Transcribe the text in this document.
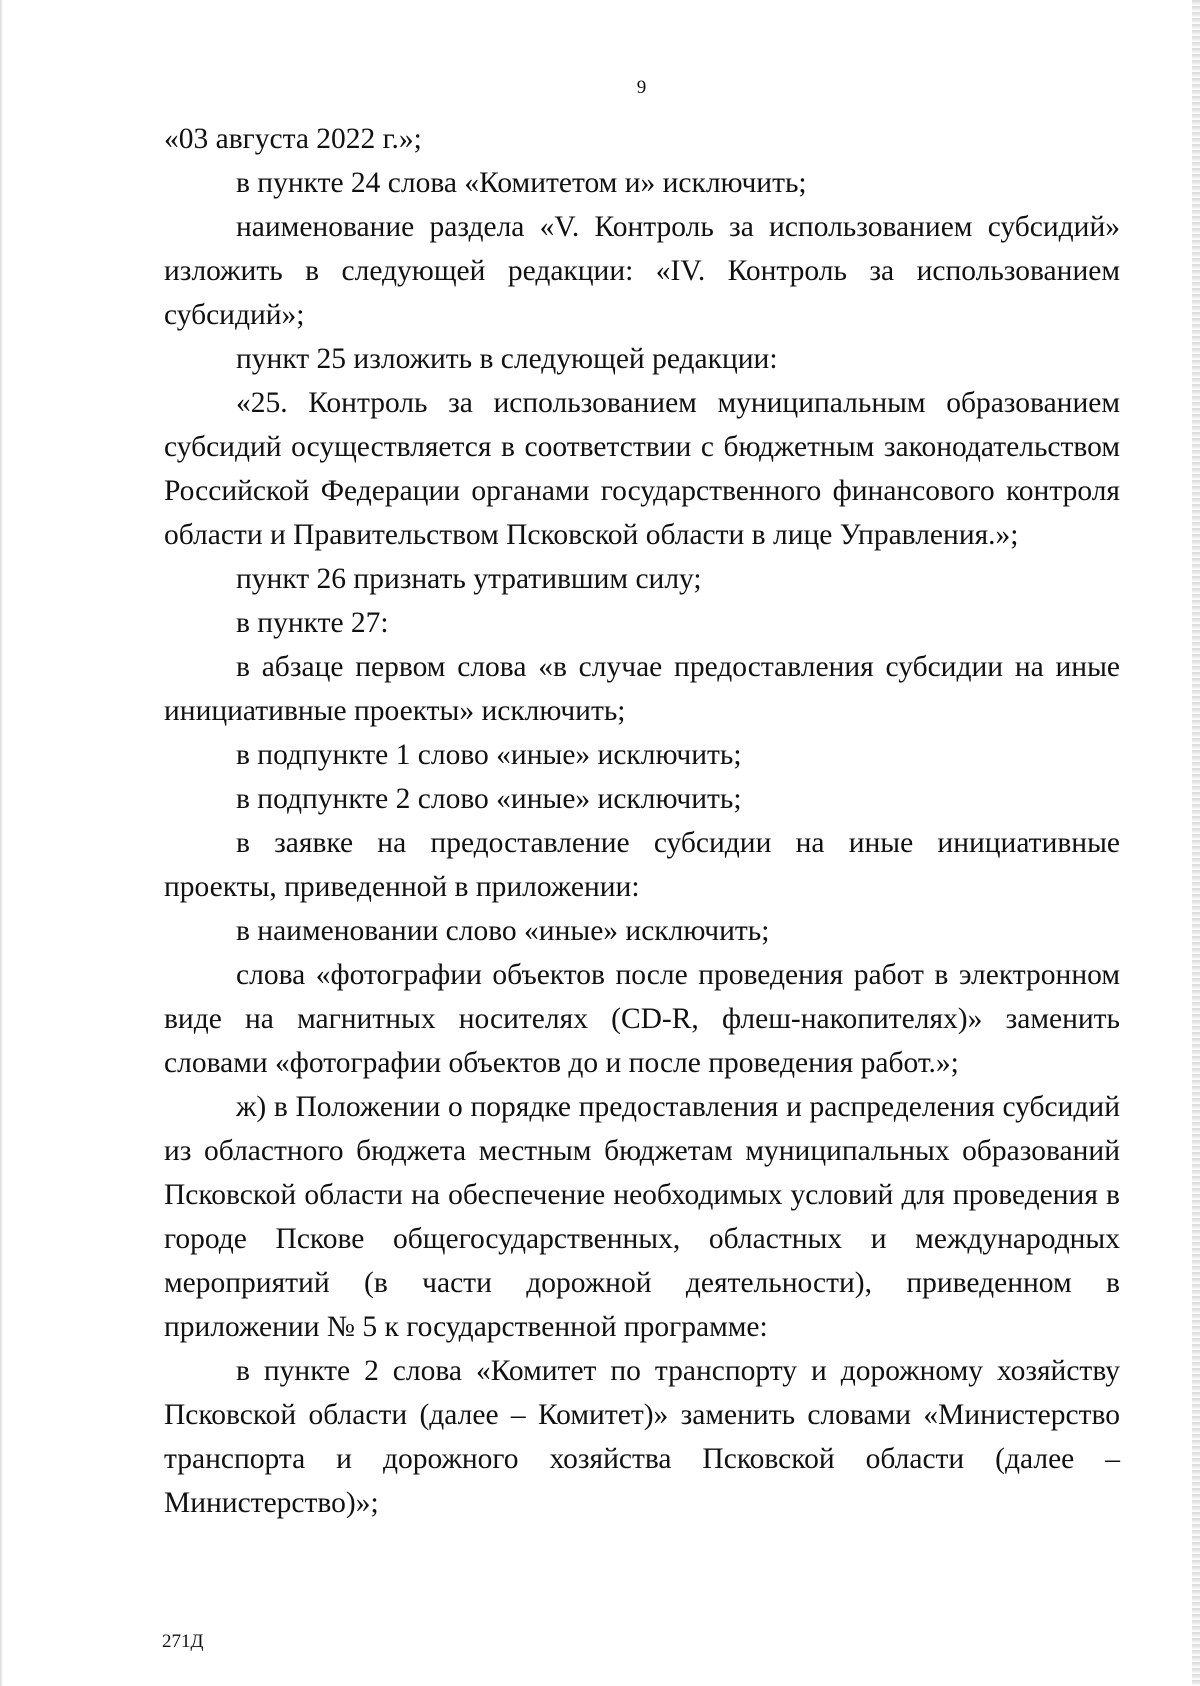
9

«03 августа 2022 г.»;

в пункте 24 слова «Комитетом и» исключить;

наименование раздела «V. Контроль за использованием субсидий» изложить в следующей редакции: «IV. Контроль за использованием субсидий»;

пункт 25 изложить в следующей редакции:

«25. Контроль за использованием муниципальным образованием субсидий осуществляется в соответствии с бюджетным законодательством Российской Федерации органами государственного финансового контроля области и Правительством Псковской области в лице Управления.»;

пункт 26 признать утратившим силу;

в пункте 27:

в абзаце первом слова «в случае предоставления субсидии на иные инициативные проекты» исключить;

в подпункте 1 слово «иные» исключить;

в подпункте 2 слово «иные» исключить;

в заявке на предоставление субсидии на иные инициативные проекты, приведенной в приложении:

в наименовании слово «иные» исключить;

слова «фотографии объектов после проведения работ в электронном виде на магнитных носителях (CD-R, флеш-накопителях)» заменить словами «фотографии объектов до и после проведения работ.»;

ж) в Положении о порядке предоставления и распределения субсидий из областного бюджета местным бюджетам муниципальных образований Псковской области на обеспечение необходимых условий для проведения в городе Пскове общегосударственных, областных и международных мероприятий (в части дорожной деятельности), приведенном в приложении № 5 к государственной программе:

в пункте 2 слова «Комитет по транспорту и дорожному хозяйству Псковской области (далее – Комитет)» заменить словами «Министерство транспорта и дорожного хозяйства Псковской области (далее – Министерство)»;

271Д
